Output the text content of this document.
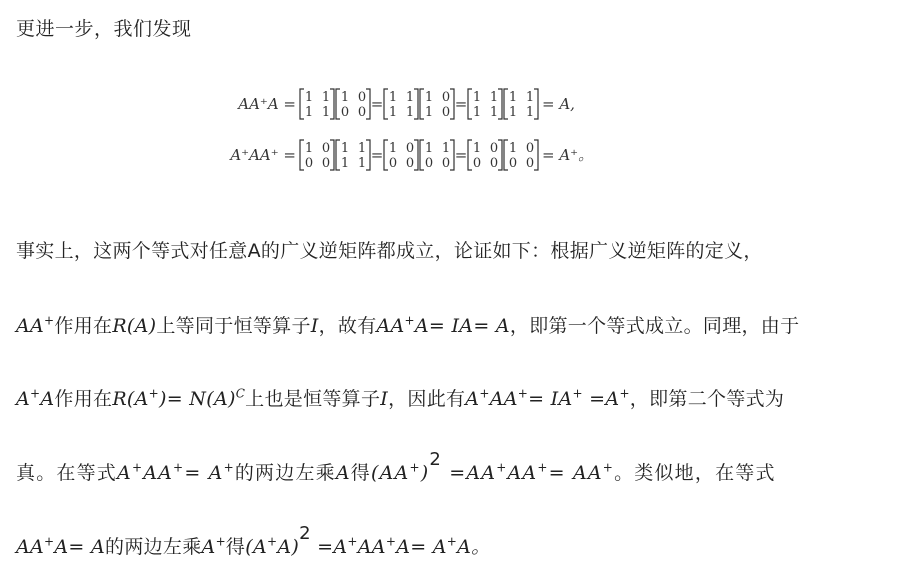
更进一步，我们发现
AA⁺A = 1 1
1 1
1 0
0 0 = 1 1
1 1
1 0
1 0 = 1 1
1 1
1 1
1 1 = A,
A⁺AA⁺ = 1 0
0 0
1 1
1 1 = 1 0
0 0
1 1
0 0 = 1 0
0 0
1 0
0 0 = A⁺。
事实上，这两个等式对任意A的广义逆矩阵都成立，论证如下：根据广义逆矩阵的定义，
AA+作用在R(A)上等同于恒等算子I，故有AA+A= IA= A，即第一个等式成立。同理，由于
A+A作用在$R(A^+)= N(A)^C$上也是恒等算子I，因此有A+AA+= IA+ =A+，即第二个等式为
真。在等式A+AA+= A+的两边左乘A得(AA+)2 =AA+AA+= AA+。类似地，在等式
AA+A= A的两边左乘A+得(A+A)2 =A+AA+A= A+A。
